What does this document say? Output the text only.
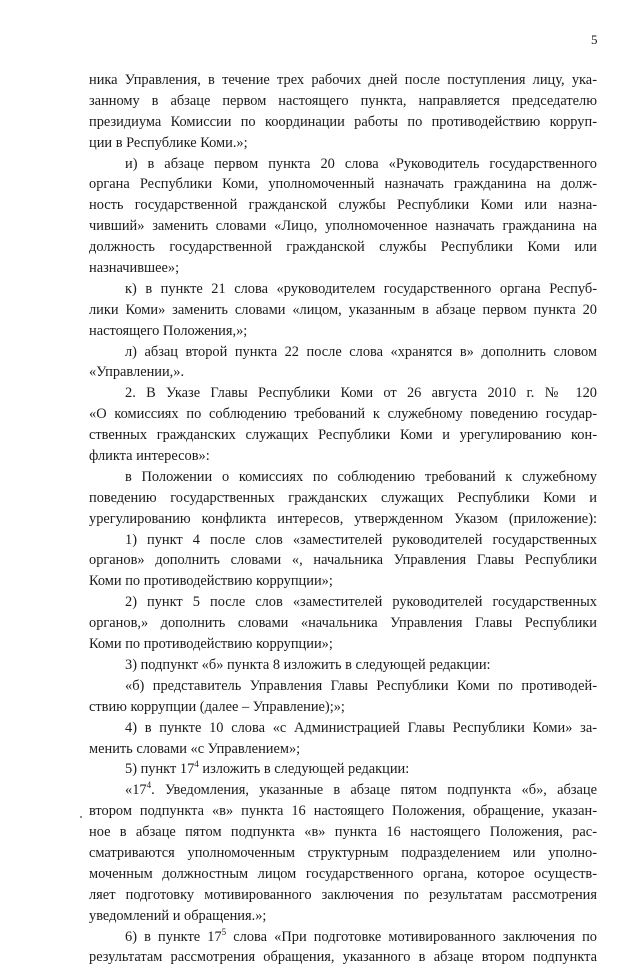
5
ника Управления, в течение трех рабочих дней после поступления лицу, ука-
занному в абзаце первом настоящего пункта, направляется председателю
президиума Комиссии по координации работы по противодействию корруп-
ции в Республике Коми.»;
и) в абзаце первом пункта 20 слова «Руководитель государственного
органа Республики Коми, уполномоченный назначать гражданина на долж-
ность государственной гражданской службы Республики Коми или назна-
чивший» заменить словами «Лицо, уполномоченное назначать гражданина на
должность государственной гражданской службы Республики Коми или
назначившее»;
к) в пункте 21 слова «руководителем государственного органа Респуб-
лики Коми» заменить словами «лицом, указанным в абзаце первом пункта 20
настоящего Положения,»;
л) абзац второй пункта 22 после слова «хранятся в» дополнить словом
«Управлении,».
2. В Указе Главы Республики Коми от 26 августа 2010 г. № 120
«О комиссиях по соблюдению требований к служебному поведению государ-
ственных гражданских служащих Республики Коми и урегулированию кон-
фликта интересов»:
в Положении о комиссиях по соблюдению требований к служебному
поведению государственных гражданских служащих Республики Коми и
урегулированию конфликта интересов, утвержденном Указом (приложение):
1) пункт 4 после слов «заместителей руководителей государственных
органов» дополнить словами «, начальника Управления Главы Республики
Коми по противодействию коррупции»;
2) пункт 5 после слов «заместителей руководителей государственных
органов,» дополнить словами «начальника Управления Главы Республики
Коми по противодействию коррупции»;
3) подпункт «б» пункта 8 изложить в следующей редакции:
«б) представитель Управления Главы Республики Коми по противодей-
ствию коррупции (далее – Управление);»;
4) в пункте 10 слова «с Администрацией Главы Республики Коми» за-
менить словами «с Управлением»;
5) пункт $17^4$ изложить в следующей редакции:
«$17^4$. Уведомления, указанные в абзаце пятом подпункта «б», абзаце
втором подпункта «в» пункта 16 настоящего Положения, обращение, указан-
ное в абзаце пятом подпункта «в» пункта 16 настоящего Положения, рас-
сматриваются уполномоченным структурным подразделением или уполно-
моченным должностным лицом государственного органа, которое осуществ-
ляет подготовку мотивированного заключения по результатам рассмотрения
уведомлений и обращения.»;
6) в пункте $17^5$ слова «При подготовке мотивированного заключения по
результатам рассмотрения обращения, указанного в абзаце втором подпункта
